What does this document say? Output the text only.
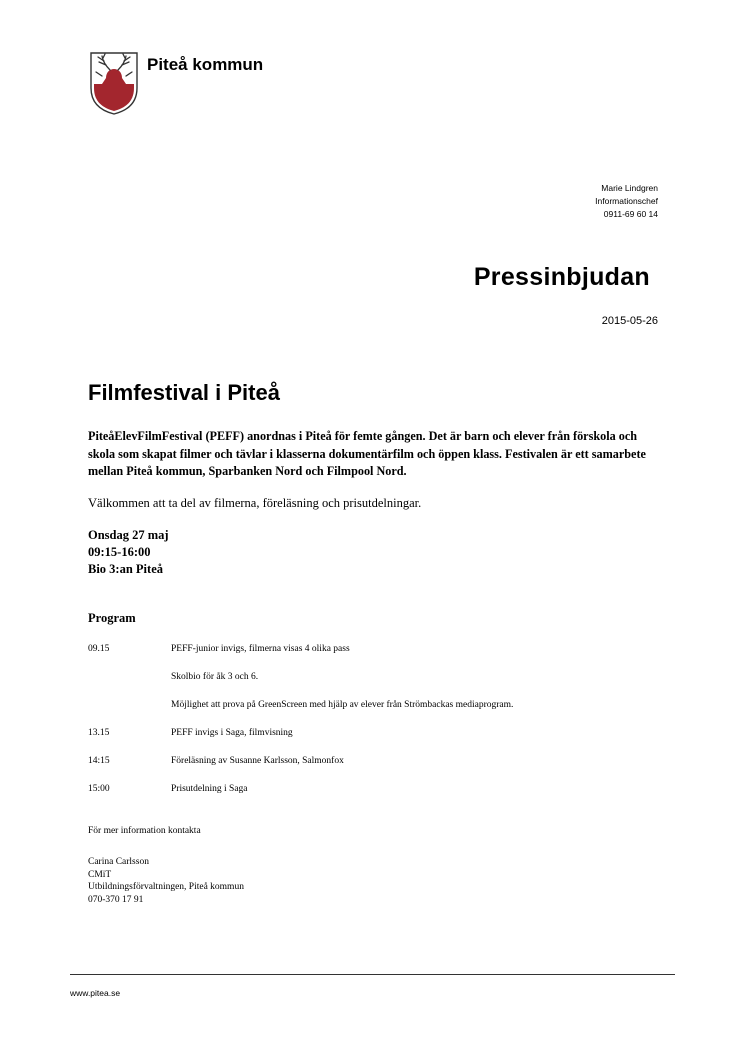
Piteå kommun
Marie Lindgren
Informationschef
0911-69 60 14
Pressinbjudan
2015-05-26
Filmfestival i Piteå
PiteåElevFilmFestival (PEFF) anordnas i Piteå för femte gången. Det är barn och elever från förskola och skola som skapat filmer och tävlar i klasserna dokumentärfilm och öppen klass. Festivalen är ett samarbete mellan Piteå kommun, Sparbanken Nord och Filmpool Nord.
Välkommen att ta del av filmerna, föreläsning och prisutdelningar.
Onsdag 27 maj
09:15-16:00
Bio 3:an Piteå
Program
09.15	PEFF-junior invigs, filmerna visas 4 olika pass
Skolbio för åk 3 och 6.
Möjlighet att prova på GreenScreen med hjälp av elever från Strömbackas mediaprogram.
13.15	PEFF invigs i Saga, filmvisning
14:15	Föreläsning av Susanne Karlsson, Salmonfox
15:00	Prisutdelning i Saga
För mer information kontakta
Carina Carlsson
CMiT
Utbildningsförvaltningen, Piteå kommun
070-370 17 91
www.pitea.se
